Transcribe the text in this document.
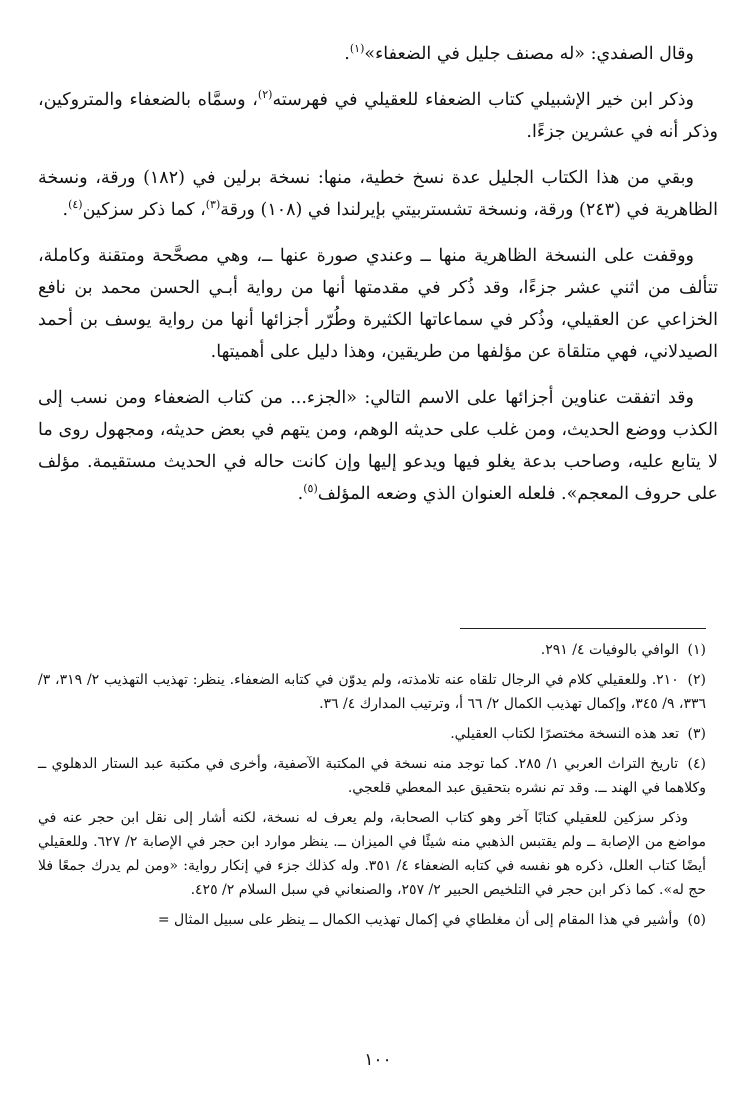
وقال الصفدي: «له مصنف جليل في الضعفاء»$^{(١)}$.

وذكر ابن خير الإشبيلي كتاب الضعفاء للعقيلي في فهرسته$^{(٢)}$، وسمَّاه بالضعفاء والمتروكين، وذكر أنه في عشرين جزءًا.

وبقي من هذا الكتاب الجليل عدة نسخ خطية، منها: نسخة برلين في (١٨٢) ورقة، ونسخة الظاهرية في (٢٤٣) ورقة، ونسخة تشستربيتي بإيرلندا في (١٠٨) ورقة$^{(٣)}$، كما ذكر سزكين$^{(٤)}$.

ووقفت على النسخة الظاهرية منها ــ وعندي صورة عنها ــ، وهي مصحَّحة ومتقنة وكاملة، تتألف من اثني عشر جزءًا، وقد ذُكر في مقدمتها أنها من رواية أبـي الحسن محمد بن نافع الخزاعي عن العقيلي، وذُكر في سماعاتها الكثيرة وطُرّر أجزائها أنها من رواية يوسف بن أحمد الصيدلاني، فهي متلقاة عن مؤلفها من طريقين، وهذا دليل على أهميتها.

وقد اتفقت عناوين أجزائها على الاسم التالي: «الجزء... من كتاب الضعفاء ومن نسب إلى الكذب ووضع الحديث، ومن غلب على حديثه الوهم، ومن يتهم في بعض حديثه، ومجهول روى ما لا يتابع عليه، وصاحب بدعة يغلو فيها ويدعو إليها وإن كانت حاله في الحديث مستقيمة. مؤلف على حروف المعجم». فلعله العنوان الذي وضعه المؤلف$^{(٥)}$.

(١) الوافي بالوفيات ٤/ ٢٩١.

(٢) ٢١٠. وللعقيلي كلام في الرجال تلقاه عنه تلامذته، ولم يدوّن في كتابه الضعفاء. ينظر: تهذيب التهذيب ٢/ ٣١٩، ٣/ ٣٣٦، ٩/ ٣٤٥، وإكمال تهذيب الكمال ٢/ ٦٦ أ، وترتيب المدارك ٤/ ٣٦.

(٣) تعد هذه النسخة مختصرًا لكتاب العقيلي.

(٤) تاريخ التراث العربي ١/ ٢٨٥. كما توجد منه نسخة في المكتبة الآصفية، وأخرى في مكتبة عبد الستار الدهلوي ــ وكلاهما في الهند ــ. وقد تم نشره بتحقيق عبد المعطي قلعجي.

وذكر سزكين للعقيلي كتابًا آخر وهو كتاب الصحابة، ولم يعرف له نسخة، لكنه أشار إلى نقل ابن حجر عنه في مواضع من الإصابة ــ ولم يقتبس الذهبي منه شيئًا في الميزان ــ. ينظر موارد ابن حجر في الإصابة ٢/ ٦٢٧. وللعقيلي أيضًا كتاب العلل، ذكره هو نفسه في كتابه الضعفاء ٤/ ٣٥١. وله كذلك جزء في إنكار رواية: «ومن لم يدرك جمعًا فلا حج له». كما ذكر ابن حجر في التلخيص الحبير ٢/ ٢٥٧، والصنعاني في سبل السلام ٢/ ٤٢٥.

(٥) وأشير في هذا المقام إلى أن مغلطاي في إكمال تهذيب الكمال ــ ينظر على سبيل المثال =

١٠٠
